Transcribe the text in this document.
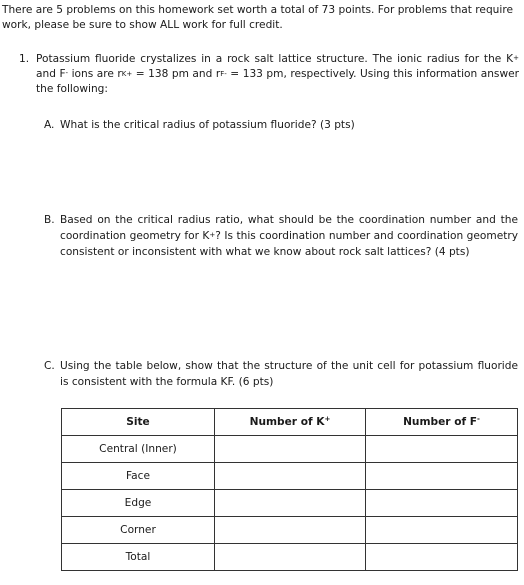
There are 5 problems on this homework set worth a total of 73 points. For problems that require work, please be sure to show ALL work for full credit.

1. Potassium fluoride crystalizes in a rock salt lattice structure. The ionic radius for the K+ and F- ions are rK+ = 138 pm and rF- = 133 pm, respectively. Using this information answer the following:

A. What is the critical radius of potassium fluoride? (3 pts)

B. Based on the critical radius ratio, what should be the coordination number and the coordination geometry for K+? Is this coordination number and coordination geometry consistent or inconsistent with what we know about rock salt lattices? (4 pts)

C. Using the table below, show that the structure of the unit cell for potassium fluoride is consistent with the formula KF. (6 pts)

Site	Number of K+	Number of F-
Central (Inner)		
Face		
Edge		
Corner		
Total		
